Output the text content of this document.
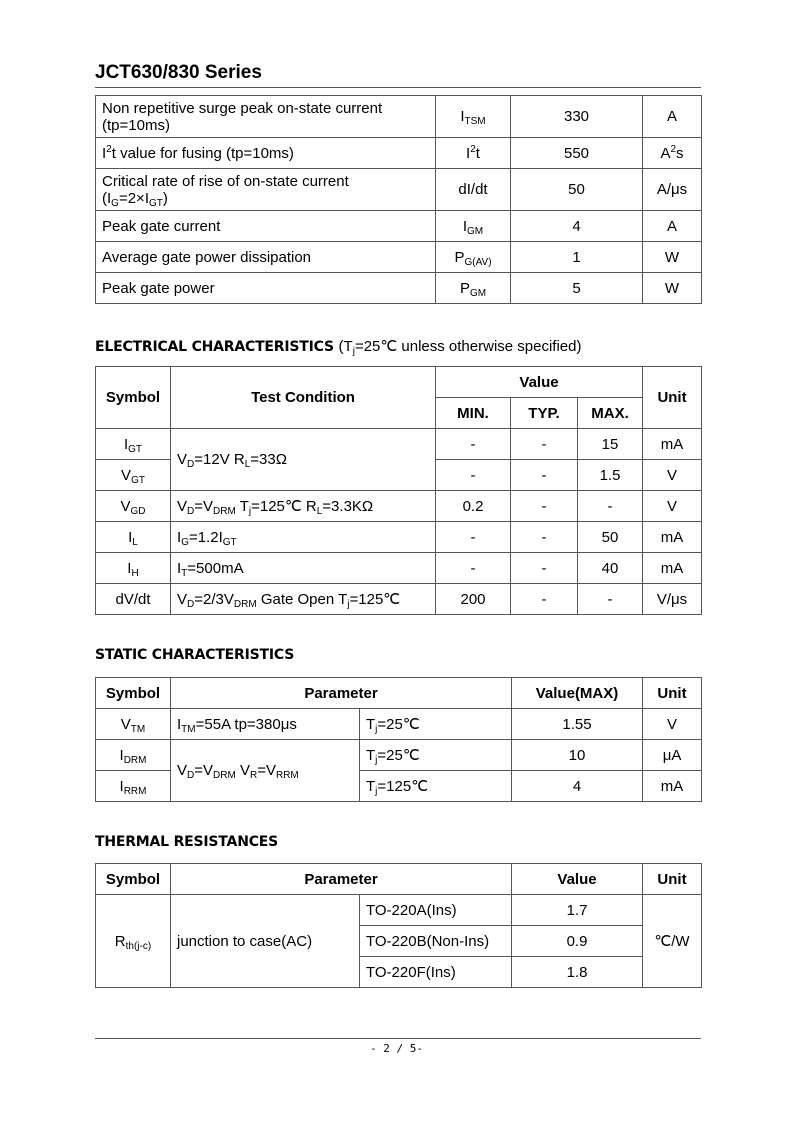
JCT630/830 Series
Non repetitive surge peak on-state current
(tp=10ms)	$I_{TSM}$	330	A
$I^2t$ value for fusing (tp=10ms)	$I^2t$	550	$A^2s$
Critical rate of rise of on-state current
$(I_G=2\times I_{GT})$	dI/dt	50	A/μs
Peak gate current	$I_{GM}$	4	A
Average gate power dissipation	$P_{G(AV)}$	1	W
Peak gate power	$P_{GM}$	5	W
ELECTRICAL CHARACTERISTICS ($T_j=25℃$ unless otherwise specified)
Symbol	Test Condition	Value			Unit
		MIN.	TYP.	MAX.	
$I_{GT}$	$V_D=12V$ $R_L=33\Omega$	-	-	15	mA
$V_{GT}$		-	-	1.5	V
$V_{GD}$	$V_D=V_{DRM}$ $T_j=125℃$ $R_L=3.3K\Omega$	0.2	-	-	V
$I_L$	$I_G=1.2I_{GT}$	-	-	50	mA
$I_H$	$I_T=500mA$	-	-	40	mA
dV/dt	$V_D=2/3V_{DRM}$ Gate Open $T_j=125℃$	200	-	-	V/μs
STATIC CHARACTERISTICS
Symbol	Parameter		Value(MAX)	Unit
$V_{TM}$	$I_{TM}=55A$ tp=380μs	$T_j=25℃$	1.55	V
$I_{DRM}$	$V_D=V_{DRM}$ $V_R=V_{RRM}$	$T_j=25℃$	10	μA
$I_{RRM}$		$T_j=125℃$	4	mA
THERMAL RESISTANCES
Symbol	Parameter		Value	Unit
$R_{th(j-c)}$	junction to case(AC)	TO-220A(Ins)	1.7	℃/W
		TO-220B(Non-Ins)	0.9	
		TO-220F(Ins)	1.8	
- 2 / 5-
